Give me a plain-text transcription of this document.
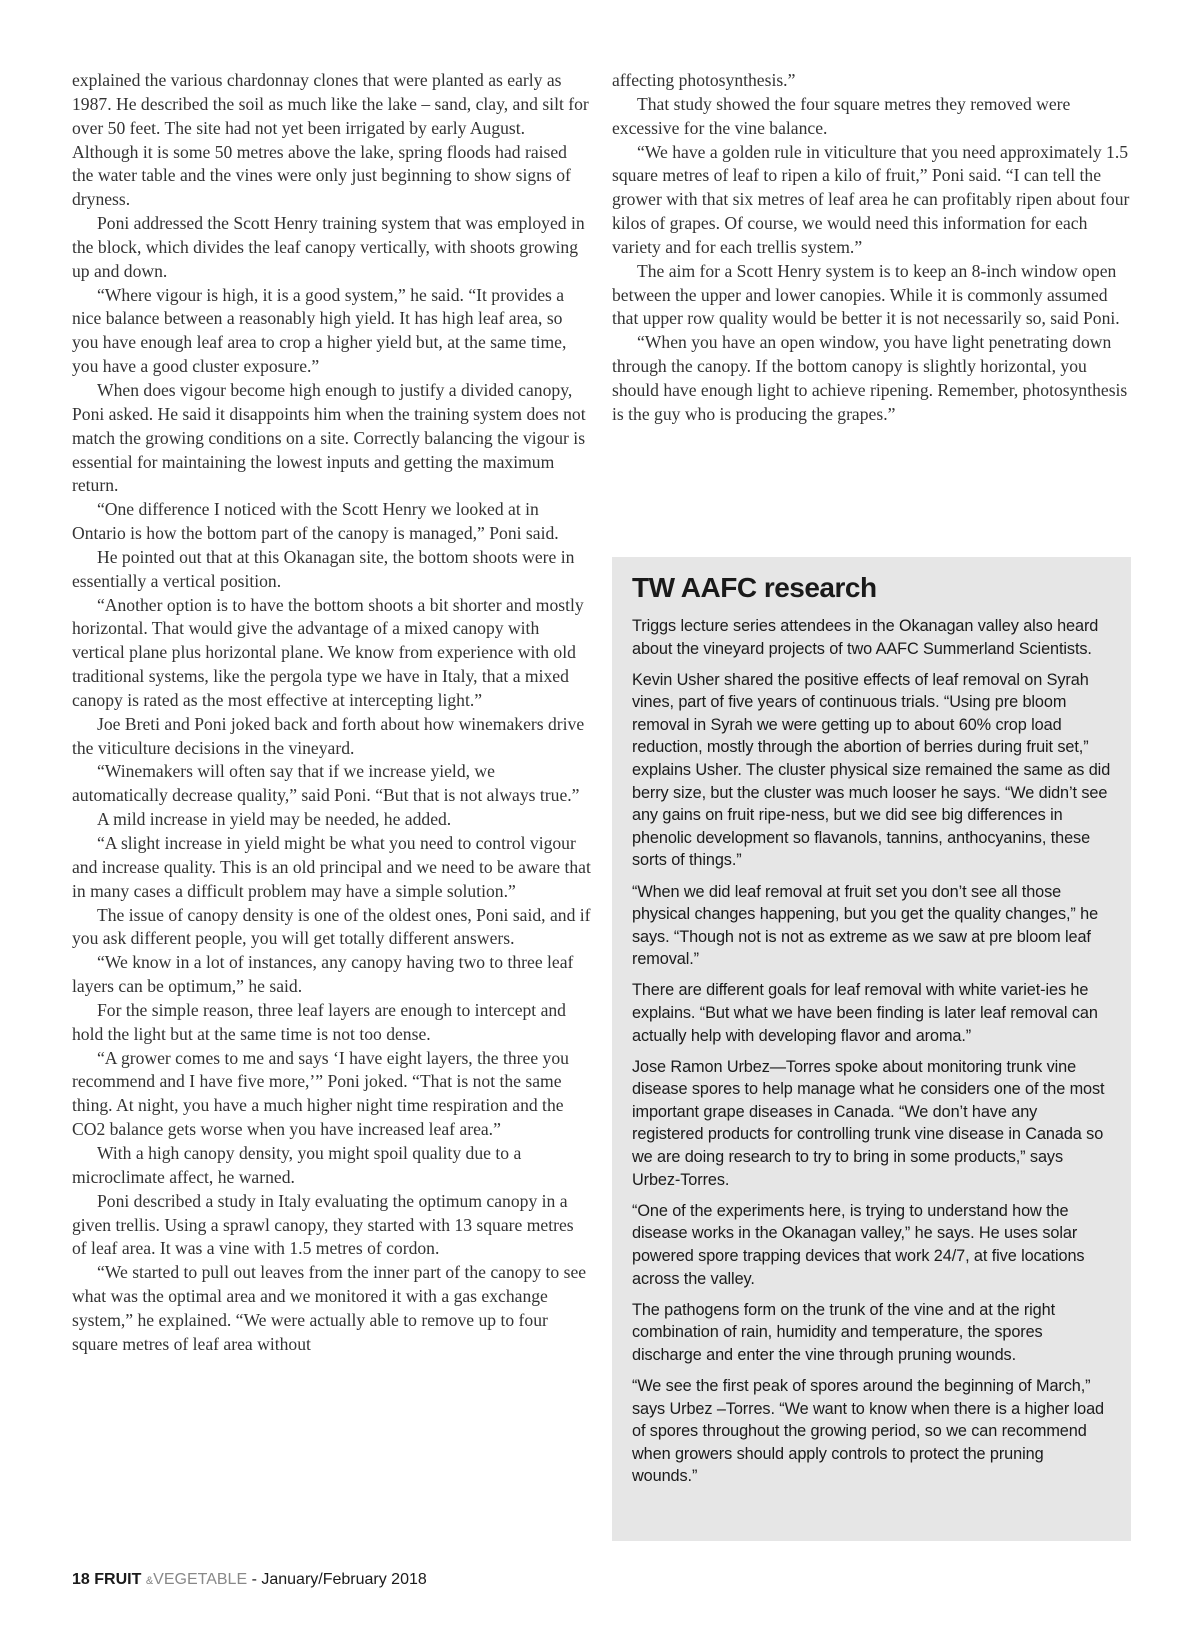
explained the various chardonnay clones that were planted as early as 1987. He described the soil as much like the lake – sand, clay, and silt for over 50 feet. The site had not yet been irrigated by early August. Although it is some 50 metres above the lake, spring floods had raised the water table and the vines were only just beginning to show signs of dryness.

Poni addressed the Scott Henry training system that was employed in the block, which divides the leaf canopy vertically, with shoots growing up and down.

“Where vigour is high, it is a good system,” he said. “It provides a nice balance between a reasonably high yield. It has high leaf area, so you have enough leaf area to crop a higher yield but, at the same time, you have a good cluster exposure.”

When does vigour become high enough to justify a divided canopy, Poni asked. He said it disappoints him when the training system does not match the growing conditions on a site. Correctly balancing the vigour is essential for maintaining the lowest inputs and getting the maximum return.

“One difference I noticed with the Scott Henry we looked at in Ontario is how the bottom part of the canopy is managed,” Poni said.

He pointed out that at this Okanagan site, the bottom shoots were in essentially a vertical position.

“Another option is to have the bottom shoots a bit shorter and mostly horizontal. That would give the advantage of a mixed canopy with vertical plane plus horizontal plane. We know from experience with old traditional systems, like the pergola type we have in Italy, that a mixed canopy is rated as the most effective at intercepting light.”

Joe Breti and Poni joked back and forth about how winemakers drive the viticulture decisions in the vineyard.

“Winemakers will often say that if we increase yield, we automatically decrease quality,” said Poni. “But that is not always true.”

A mild increase in yield may be needed, he added.

“A slight increase in yield might be what you need to control vigour and increase quality. This is an old principal and we need to be aware that in many cases a difficult problem may have a simple solution.”

The issue of canopy density is one of the oldest ones, Poni said, and if you ask different people, you will get totally different answers.

“We know in a lot of instances, any canopy having two to three leaf layers can be optimum,” he said.

For the simple reason, three leaf layers are enough to intercept and hold the light but at the same time is not too dense.

“A grower comes to me and says ‘I have eight layers, the three you recommend and I have five more,’” Poni joked. “That is not the same thing. At night, you have a much higher night time respiration and the CO2 balance gets worse when you have increased leaf area.”

With a high canopy density, you might spoil quality due to a microclimate affect, he warned.

Poni described a study in Italy evaluating the optimum canopy in a given trellis. Using a sprawl canopy, they started with 13 square metres of leaf area. It was a vine with 1.5 metres of cordon.

“We started to pull out leaves from the inner part of the canopy to see what was the optimal area and we monitored it with a gas exchange system,” he explained. “We were actually able to remove up to four square metres of leaf area without

affecting photosynthesis.”

That study showed the four square metres they removed were excessive for the vine balance.

“We have a golden rule in viticulture that you need approximately 1.5 square metres of leaf to ripen a kilo of fruit,” Poni said. “I can tell the grower with that six metres of leaf area he can profitably ripen about four kilos of grapes. Of course, we would need this information for each variety and for each trellis system.”

The aim for a Scott Henry system is to keep an 8-inch window open between the upper and lower canopies. While it is commonly assumed that upper row quality would be better it is not necessarily so, said Poni.

“When you have an open window, you have light penetrating down through the canopy. If the bottom canopy is slightly horizontal, you should have enough light to achieve ripening. Remember, photosynthesis is the guy who is producing the grapes.”

TW AAFC research

Triggs lecture series attendees in the Okanagan valley also heard about the vineyard projects of two AAFC Summerland Scientists.

Kevin Usher shared the positive effects of leaf removal on Syrah vines, part of five years of continuous trials. “Using pre bloom removal in Syrah we were getting up to about 60% crop load reduction, mostly through the abortion of berries during fruit set,” explains Usher. The cluster physical size remained the same as did berry size, but the cluster was much looser he says. “We didn’t see any gains on fruit ripe-ness, but we did see big differences in phenolic development so flavanols, tannins, anthocyanins, these sorts of things.”

“When we did leaf removal at fruit set you don’t see all those physical changes happening, but you get the quality changes,” he says. “Though not is not as extreme as we saw at pre bloom leaf removal.”

There are different goals for leaf removal with white variet-ies he explains. “But what we have been finding is later leaf removal can actually help with developing flavor and aroma.”

Jose Ramon Urbez—Torres spoke about monitoring trunk vine disease spores to help manage what he considers one of the most important grape diseases in Canada. “We don’t have any registered products for controlling trunk vine disease in Canada so we are doing research to try to bring in some products,” says Urbez-Torres.

“One of the experiments here, is trying to understand how the disease works in the Okanagan valley,” he says. He uses solar powered spore trapping devices that work 24/7, at five locations across the valley.

The pathogens form on the trunk of the vine and at the right combination of rain, humidity and temperature, the spores discharge and enter the vine through pruning wounds.

“We see the first peak of spores around the beginning of March,” says Urbez –Torres. “We want to know when there is a higher load of spores throughout the growing period, so we can recommend when growers should apply controls to protect the pruning wounds.”

18 FRUIT &VEGETABLE - January/February 2018
